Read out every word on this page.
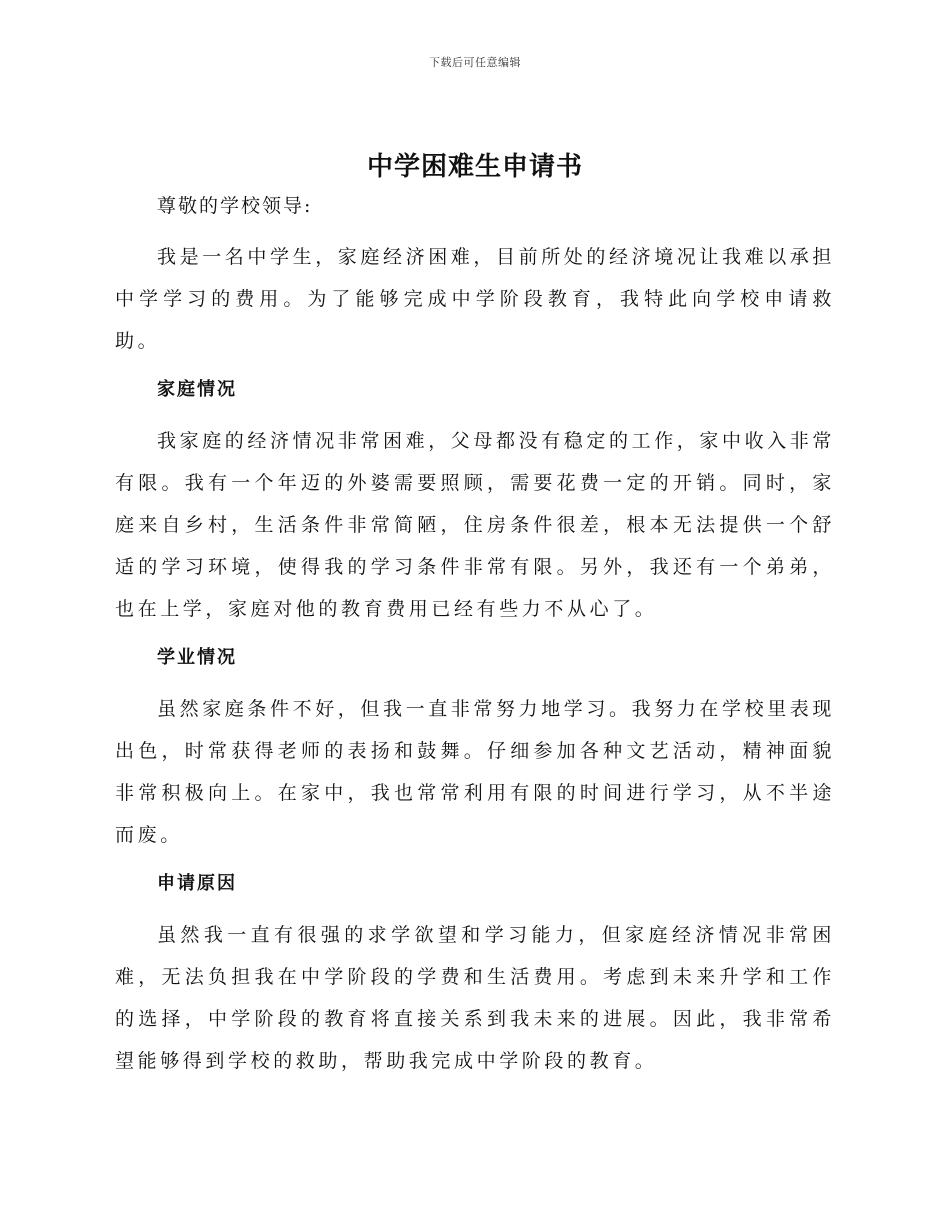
下载后可任意编辑
中学困难生申请书

尊敬的学校领导:

我是一名中学生，家庭经济困难，目前所处的经济境况让我难以承担中学学习的费用。为了能够完成中学阶段教育，我特此向学校申请救助。

家庭情况

我家庭的经济情况非常困难，父母都没有稳定的工作，家中收入非常有限。我有一个年迈的外婆需要照顾，需要花费一定的开销。同时，家庭来自乡村，生活条件非常简陋，住房条件很差，根本无法提供一个舒适的学习环境，使得我的学习条件非常有限。另外，我还有一个弟弟，也在上学，家庭对他的教育费用已经有些力不从心了。

学业情况

虽然家庭条件不好，但我一直非常努力地学习。我努力在学校里表现出色，时常获得老师的表扬和鼓舞。仔细参加各种文艺活动，精神面貌非常积极向上。在家中，我也常常利用有限的时间进行学习，从不半途而废。

申请原因

虽然我一直有很强的求学欲望和学习能力，但家庭经济情况非常困难，无法负担我在中学阶段的学费和生活费用。考虑到未来升学和工作的选择，中学阶段的教育将直接关系到我未来的进展。因此，我非常希望能够得到学校的救助，帮助我完成中学阶段的教育。
